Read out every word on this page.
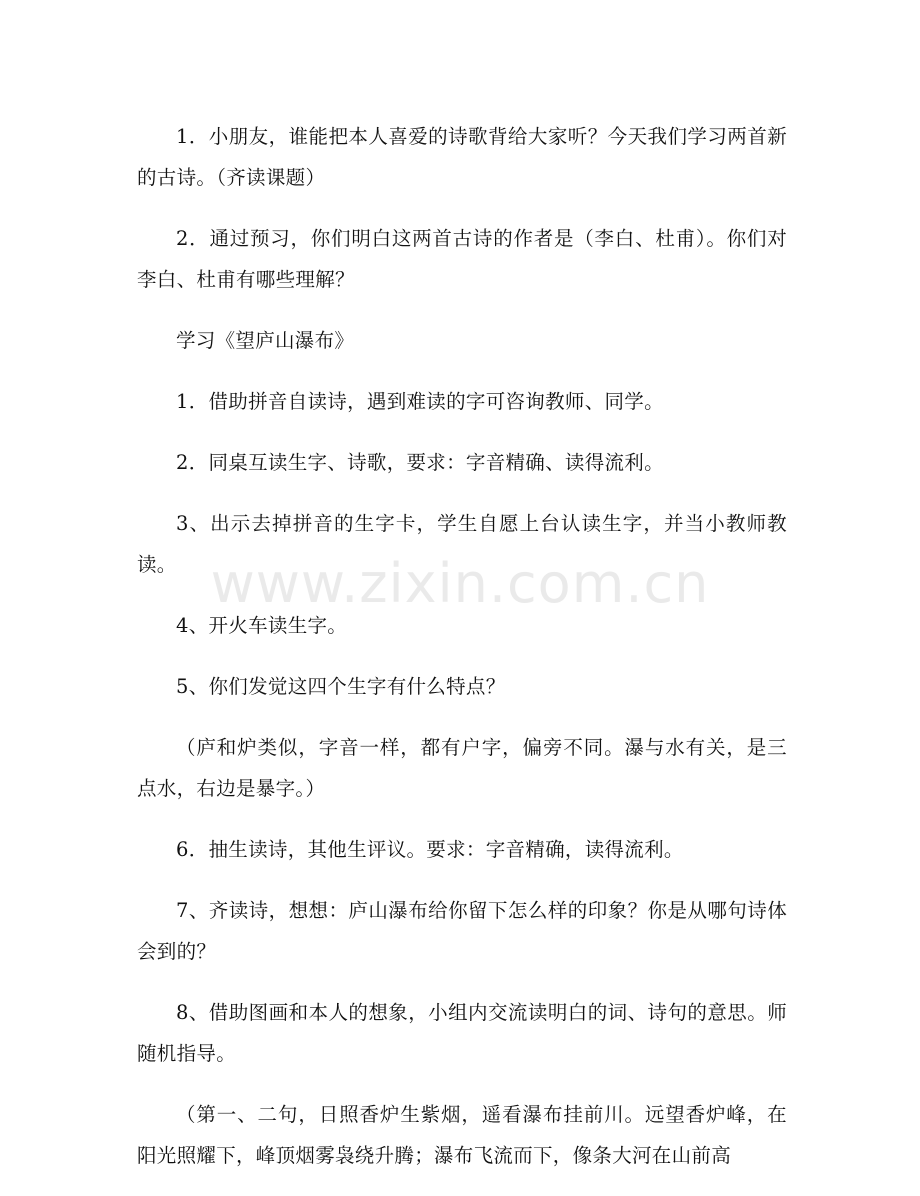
1．小朋友，谁能把本人喜爱的诗歌背给大家听？今天我们学习两首新的古诗。（齐读课题）

2．通过预习，你们明白这两首古诗的作者是（李白、杜甫）。你们对李白、杜甫有哪些理解？

学习《望庐山瀑布》

1．借助拼音自读诗，遇到难读的字可咨询教师、同学。

2．同桌互读生字、诗歌，要求：字音精确、读得流利。

3、出示去掉拼音的生字卡，学生自愿上台认读生字，并当小教师教读。

4、开火车读生字。

5、你们发觉这四个生字有什么特点？

（庐和炉类似，字音一样，都有户字，偏旁不同。瀑与水有关，是三点水，右边是暴字。）

6．抽生读诗，其他生评议。要求：字音精确，读得流利。

7、齐读诗，想想：庐山瀑布给你留下怎么样的印象？你是从哪句诗体会到的？

8、借助图画和本人的想象，小组内交流读明白的词、诗句的意思。师随机指导。

（第一、二句，日照香炉生紫烟，遥看瀑布挂前川。远望香炉峰，在阳光照耀下，峰顶烟雾袅绕升腾；瀑布飞流而下，像条大河在山前高

www.zixin.com.cn
